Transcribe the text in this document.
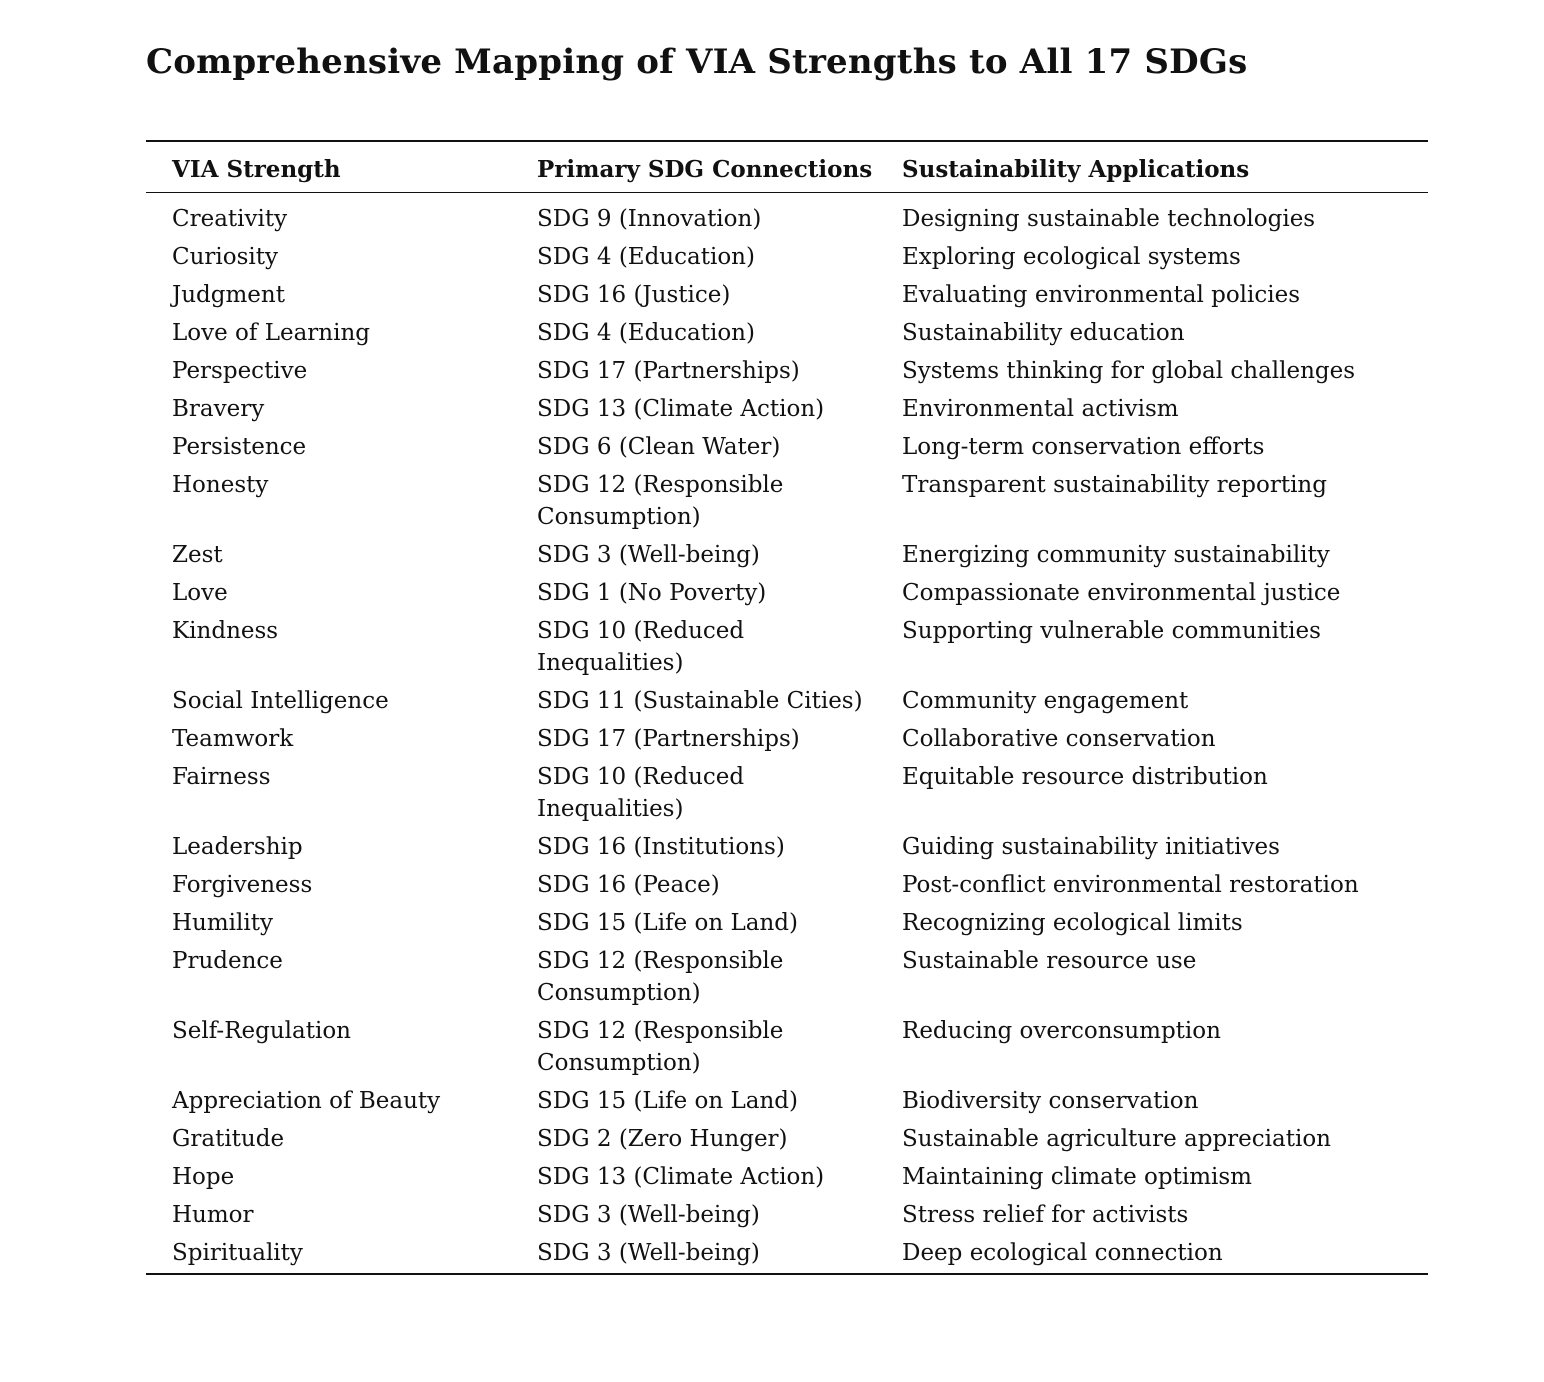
Comprehensive Mapping of VIA Strengths to All 17 SDGs
VIA Strength	Primary SDG Connections	Sustainability Applications
Creativity	SDG 9 (Innovation)	Designing sustainable technologies
Curiosity	SDG 4 (Education)	Exploring ecological systems
Judgment	SDG 16 (Justice)	Evaluating environmental policies
Love of Learning	SDG 4 (Education)	Sustainability education
Perspective	SDG 17 (Partnerships)	Systems thinking for global challenges
Bravery	SDG 13 (Climate Action)	Environmental activism
Persistence	SDG 6 (Clean Water)	Long-term conservation efforts
Honesty	SDG 12 (Responsible Consumption)	Transparent sustainability reporting
Zest	SDG 3 (Well-being)	Energizing community sustainability
Love	SDG 1 (No Poverty)	Compassionate environmental justice
Kindness	SDG 10 (Reduced Inequalities)	Supporting vulnerable communities
Social Intelligence	SDG 11 (Sustainable Cities)	Community engagement
Teamwork	SDG 17 (Partnerships)	Collaborative conservation
Fairness	SDG 10 (Reduced Inequalities)	Equitable resource distribution
Leadership	SDG 16 (Institutions)	Guiding sustainability initiatives
Forgiveness	SDG 16 (Peace)	Post-conflict environmental restoration
Humility	SDG 15 (Life on Land)	Recognizing ecological limits
Prudence	SDG 12 (Responsible Consumption)	Sustainable resource use
Self-Regulation	SDG 12 (Responsible Consumption)	Reducing overconsumption
Appreciation of Beauty	SDG 15 (Life on Land)	Biodiversity conservation
Gratitude	SDG 2 (Zero Hunger)	Sustainable agriculture appreciation
Hope	SDG 13 (Climate Action)	Maintaining climate optimism
Humor	SDG 3 (Well-being)	Stress relief for activists
Spirituality	SDG 3 (Well-being)	Deep ecological connection
